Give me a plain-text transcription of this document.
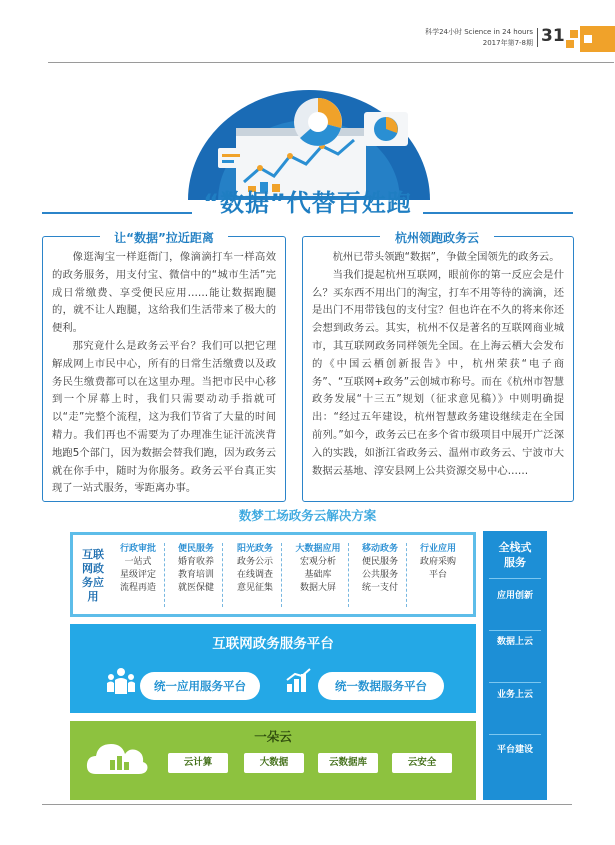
科学24小时 Science in 24 hours
2017年第7-8期 31
“数据”代替百姓跑
让“数据”拉近距离

像逛淘宝一样逛衙门，像滴滴打车一样高效的政务服务，用支付宝、微信中的“城市生活”完成日常缴费、享受便民应用……能让数据跑腿的，就不让人跑腿，这给我们生活带来了极大的便利。

那究竟什么是政务云平台？我们可以把它理解成网上市民中心，所有的日常生活缴费以及政务民生缴费都可以在这里办理。当把市民中心移到一个屏幕上时，我们只需要动动手指就可以“走”完整个流程，这为我们节省了大量的时间精力。我们再也不需要为了办理准生证汗流浃背地跑5个部门，因为数据会替我们跑，因为政务云就在你手中，随时为你服务。政务云平台真正实现了一站式服务，零距离办事。

杭州领跑政务云

杭州已带头领跑“数据”，争做全国领先的政务云。

当我们提起杭州互联网，眼前你的第一反应会是什么？买东西不用出门的淘宝，打车不用等待的滴滴，还是出门不用带钱包的支付宝？但也许在不久的将来你还会想到政务云。其实，杭州不仅是著名的互联网商业城市，其互联网政务同样领先全国。在上海云栖大会发布的《中国云栖创新报告》中，杭州荣获“电子商务”、“互联网+政务”云创城市称号。而在《杭州市智慧政务发展“十三五”规划（征求意见稿）》中则明确提出：“经过五年建设，杭州智慧政务建设继续走在全国前列。”如今，政务云已在多个省市级项目中展开广泛深入的实践，如浙江省政务云、温州市政务云、宁波市大数据云基地、淳安县网上公共资源交易中心……

数梦工场政务云解决方案
互联网政务应用
行政审批
一站式
星级评定
流程再造
便民服务
婚育收养
教育培训
就医保健
阳光政务
政务公示
在线调查
意见征集
大数据应用
宏观分析
基础库
数据大屏
移动政务
便民服务
公共服务
统一支付
行业应用
政府采购
平台
互联网政务服务平台
统一应用服务平台	统一数据服务平台
一朵云
云计算	大数据	云数据库	云安全
全栈式服务
应用创新
数据上云
业务上云
平台建设
